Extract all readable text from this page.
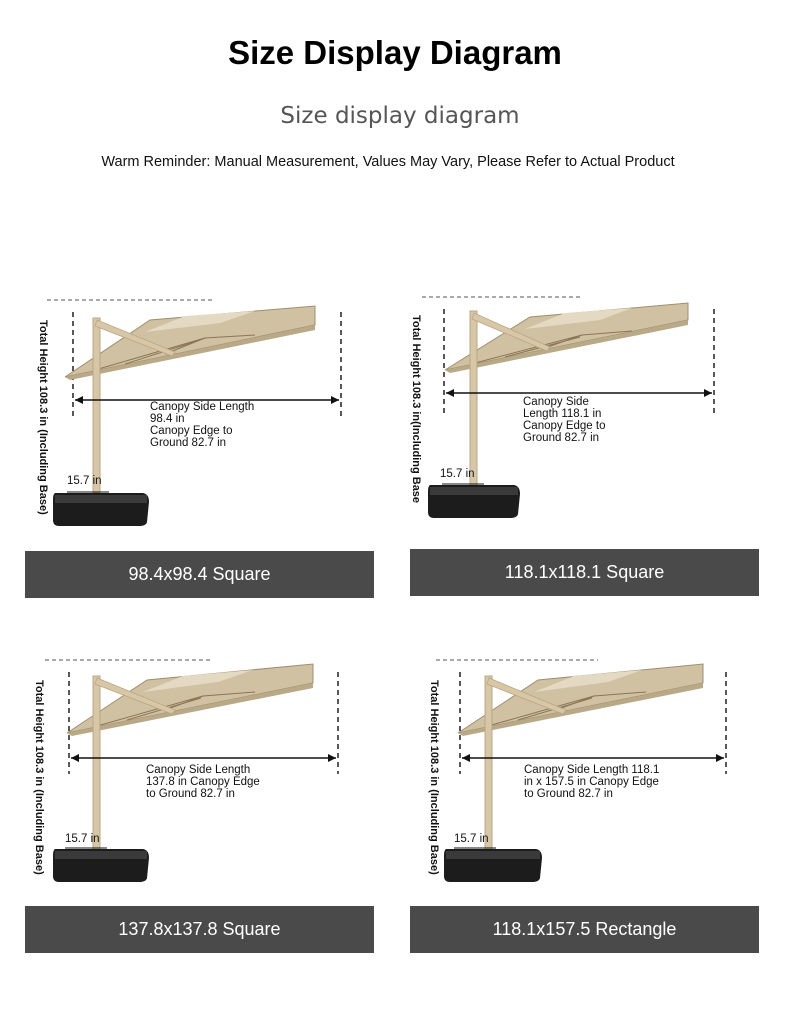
Size Display Diagram
Size display diagram
Warm Reminder: Manual Measurement, Values May Vary, Please Refer to Actual Product
Total Height 108.3 in (Including Base)	Canopy Side Length
98.4 in
Canopy Edge to
Ground 82.7 in
15.7 in
98.4x98.4 Square
Total Height 108.3 in(Including Base	Canopy Side
Length 118.1 in
Canopy Edge to
Ground 82.7 in
15.7 in
118.1x118.1 Square
Total Height 108.3 in (Including Base)	Canopy Side Length
137.8 in Canopy Edge
to Ground 82.7 in
15.7 in
137.8x137.8 Square
Total Height 108.3 in (Including Base)	Canopy Side Length 118.1
in x 157.5 in Canopy Edge
to Ground 82.7 in
15.7 in
118.1x157.5 Rectangle
